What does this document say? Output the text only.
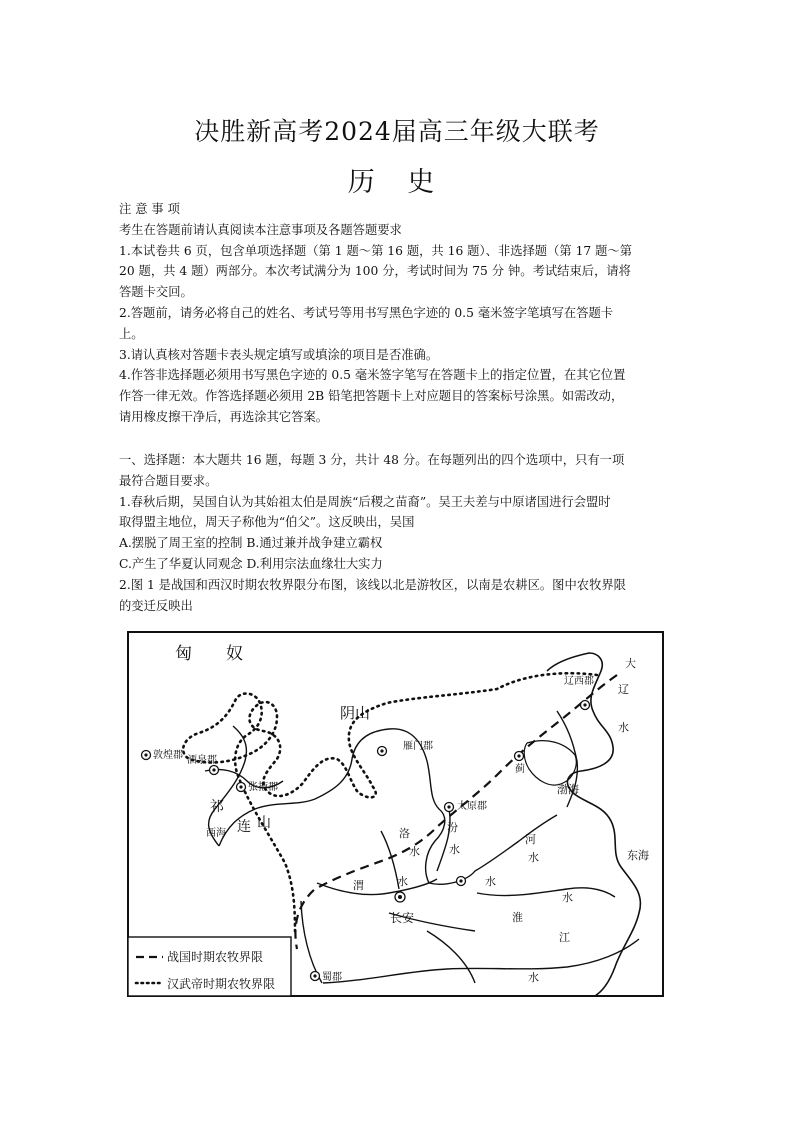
决胜新高考2024届高三年级大联考
历 史
注 意 事 项
考生在答题前请认真阅读本注意事项及各题答题要求
1.本试卷共 6 页，包含单项选择题（第 1 题～第 16 题，共 16 题）、非选择题（第 17 题～第
20 题，共 4 题）两部分。本次考试满分为 100 分，考试时间为 75 分 钟。考试结束后，请将
答题卡交回。
2.答题前，请务必将自己的姓名、考试号等用书写黑色字迹的 0.5 毫米签字笔填写在答题卡
上。
3.请认真核对答题卡表头规定填写或填涂的项目是否准确。
4.作答非选择题必须用书写黑色字迹的 0.5 毫米签字笔写在答题卡上的指定位置，在其它位置
作答一律无效。作答选择题必须用 2B 铅笔把答题卡上对应题目的答案标号涂黑。如需改动，
请用橡皮擦干净后，再选涂其它答案。
一、选择题：本大题共 16 题，每题 3 分，共计 48 分。在每题列出的四个选项中，只有一项
最符合题目要求。
1.春秋后期，吴国自认为其始祖太伯是周族“后稷之苗裔”。吴王夫差与中原诸国进行会盟时
取得盟主地位，周天子称他为“伯父”。这反映出，吴国
A.摆脱了周王室的控制 B.通过兼并战争建立霸权
C.产生了华夏认同观念 D.利用宗法血缘壮大实力
2.图 1 是战国和西汉时期农牧界限分布图，该线以北是游牧区，以南是农耕区。图中农牧界限
的变迁反映出
匈　　奴
阴山
祁
连 山
西海
敦煌郡 酒泉郡
张掖郡
雁门郡
太原郡
蓟
辽西郡
长安
蜀郡
渤海
东海
大
辽
水
河
水
洛
水
汾
水
渭	水	水
水
淮
江
水
战国时期农牧界限
汉武帝时期农牧界限
